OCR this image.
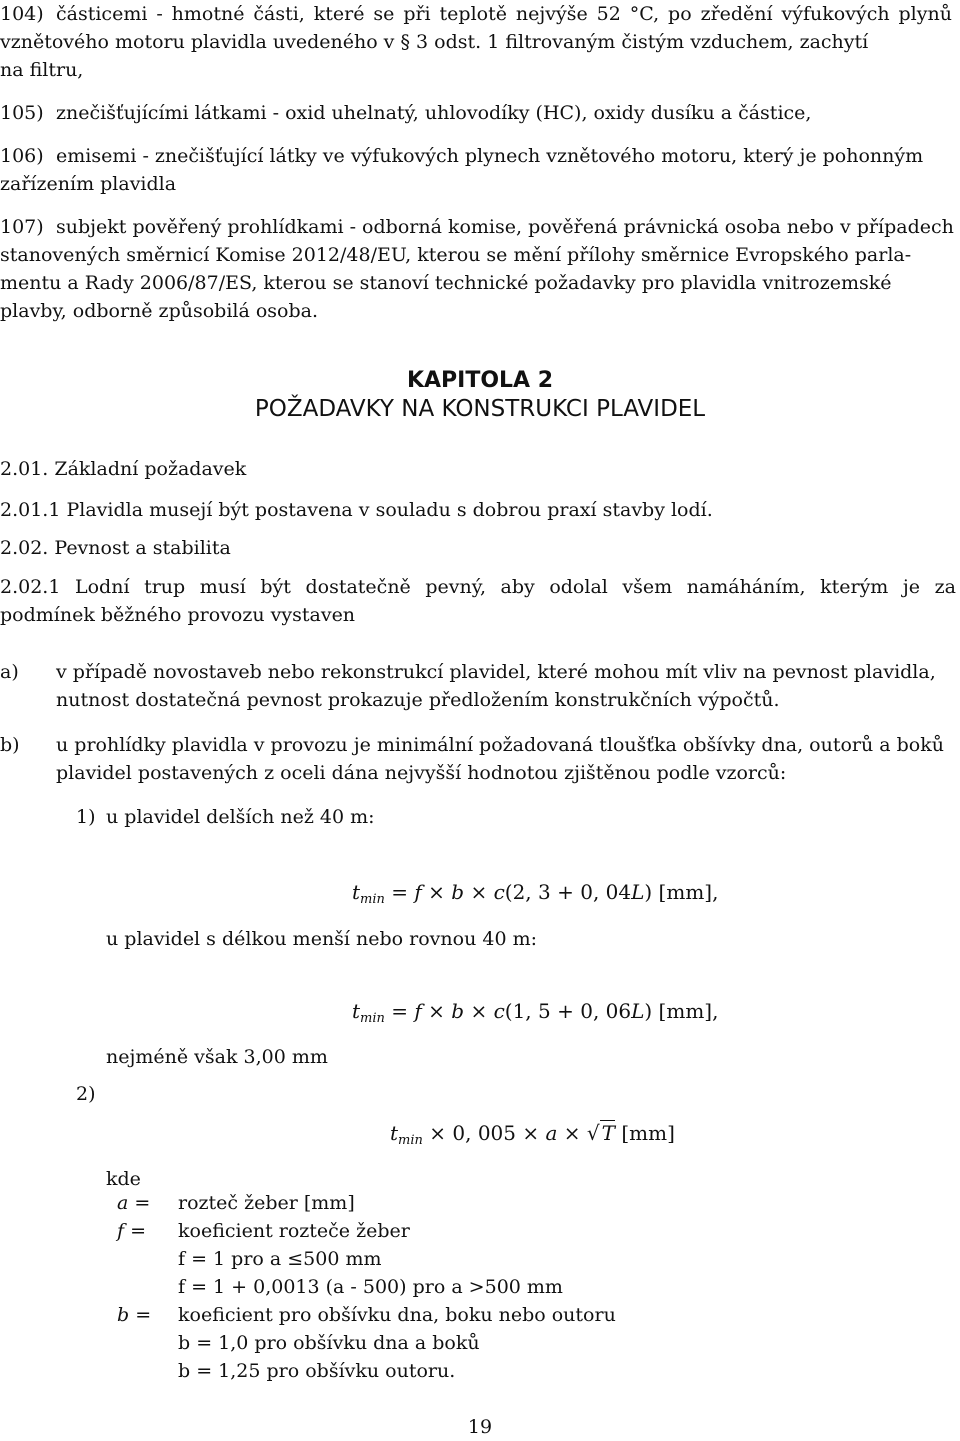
104) částicemi - hmotné části, které se při teplotě nejvýše 52 °C, po zředění výfukových plynů
vznětového motoru plavidla uvedeného v § 3 odst. 1 filtrovaným čistým vzduchem, zachytí
na filtru,
105) znečišťujícími látkami - oxid uhelnatý, uhlovodíky (HC), oxidy dusíku a částice,
106) emisemi - znečišťující látky ve výfukových plynech vznětového motoru, který je pohonným
zařízením plavidla
107) subjekt pověřený prohlídkami - odborná komise, pověřená právnická osoba nebo v případech
stanovených směrnicí Komise 2012/48/EU, kterou se mění přílohy směrnice Evropského parla-
mentu a Rady 2006/87/ES, kterou se stanoví technické požadavky pro plavidla vnitrozemské
plavby, odborně způsobilá osoba.
KAPITOLA 2
POŽADAVKY NA KONSTRUKCI PLAVIDEL
2.01. Základní požadavek
2.01.1 Plavidla musejí být postavena v souladu s dobrou praxí stavby lodí.
2.02. Pevnost a stabilita
2.02.1 Lodní trup musí být dostatečně pevný, aby odolal všem namáháním, kterým je za
podmínek běžného provozu vystaven
a) v případě novostaveb nebo rekonstrukcí plavidel, které mohou mít vliv na pevnost plavidla,
nutnost dostatečná pevnost prokazuje předložením konstrukčních výpočtů.
b) u prohlídky plavidla v provozu je minimální požadovaná tloušťka obšívky dna, outorů a boků
plavidel postavených z oceli dána nejvyšší hodnotou zjištěnou podle vzorců:
1) u plavidel delších než 40 m:
$t_{min} = f \times b \times c(2$, 3 + 0, 04L) [mm],
u plavidel s délkou menší nebo rovnou 40 m:
$t_{min} = f \times b \times c(1$, 5 + 0, 06L) [mm],
nejméně však 3,00 mm
2)
$t_{min} \times 0$, 005 × a × √ T [mm]
kde
a = rozteč žeber [mm]
f = koeficient rozteče žeber
f = 1 pro a ≤500 mm
f = 1 + 0,0013 (a - 500) pro a >500 mm
b = koeficient pro obšívku dna, boku nebo outoru
b = 1,0 pro obšívku dna a boků
b = 1,25 pro obšívku outoru.
19
